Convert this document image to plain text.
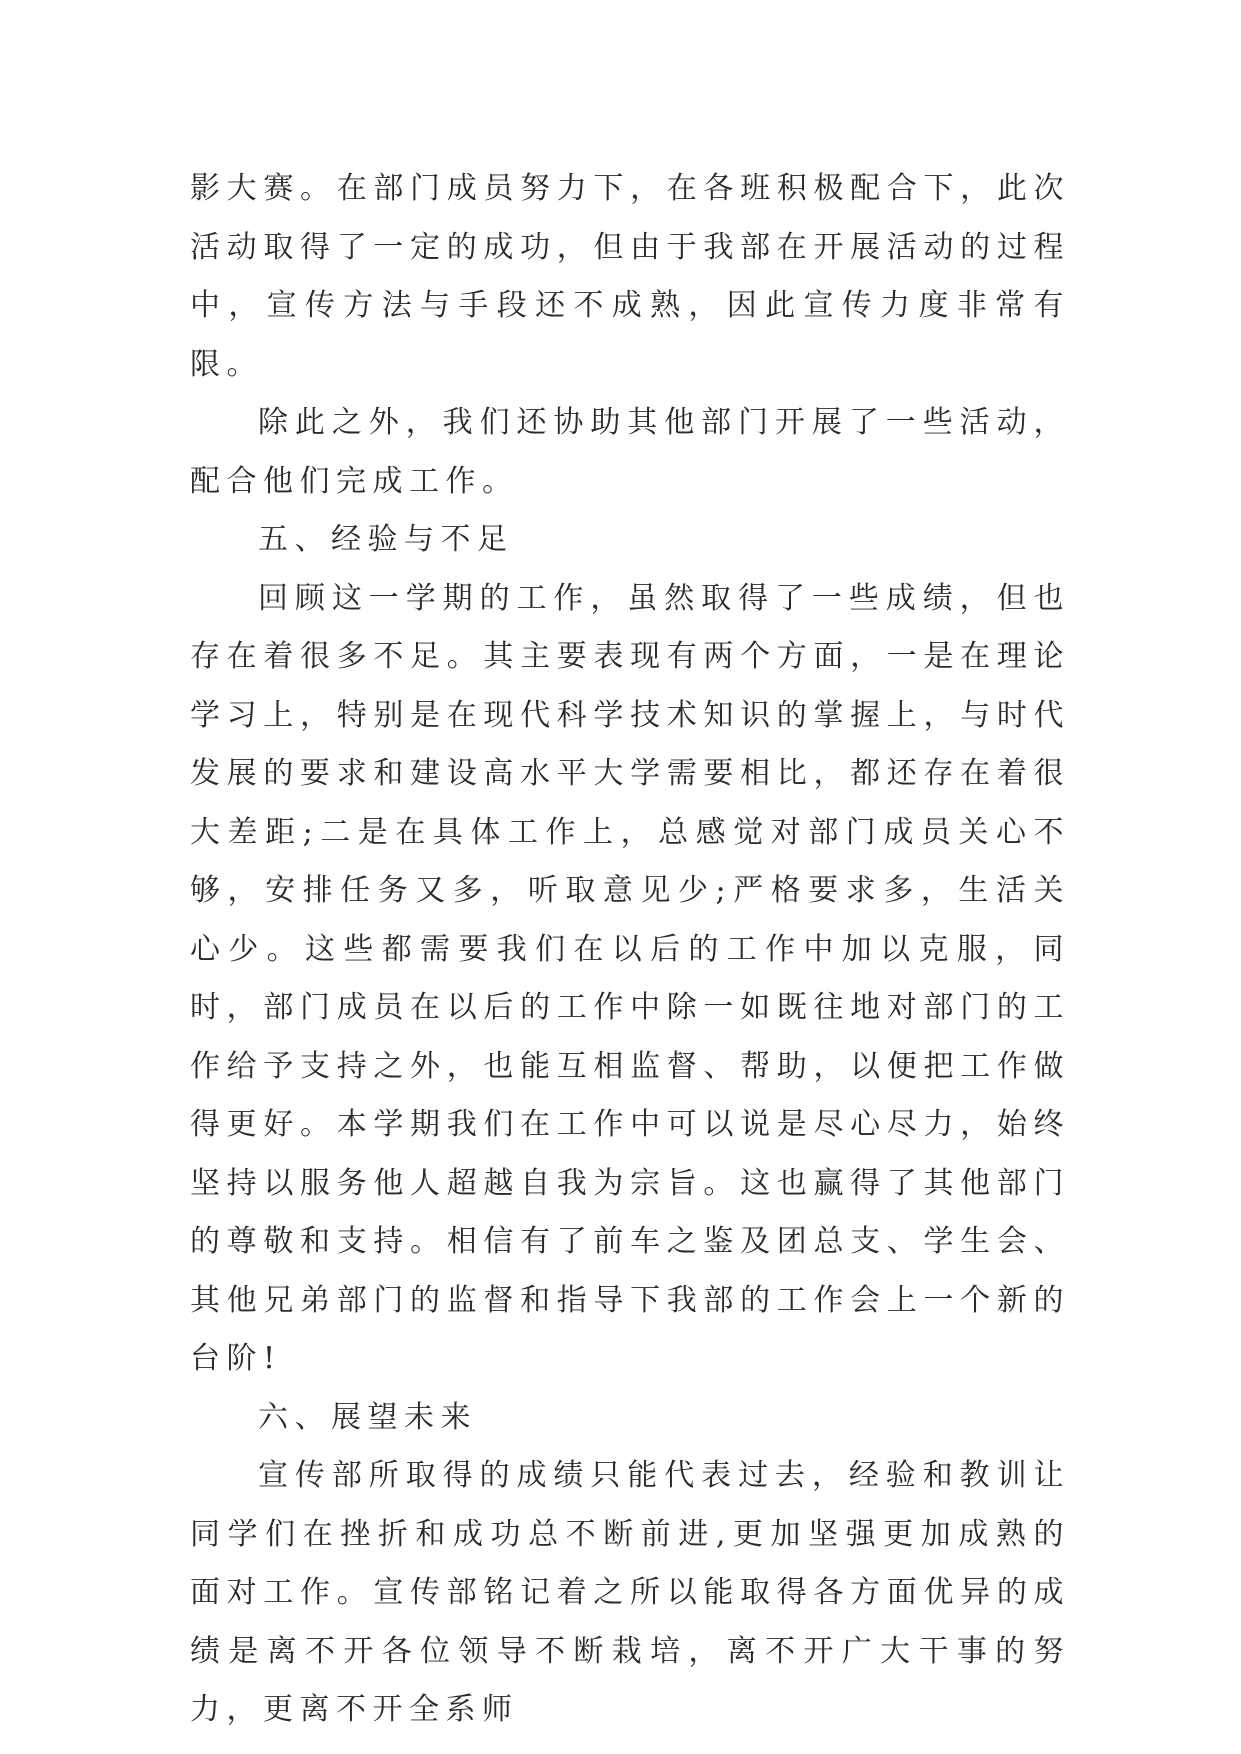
影大赛。在部门成员努力下，在各班积极配合下，此次活动取得了一定的成功，但由于我部在开展活动的过程中，宣传方法与手段还不成熟，因此宣传力度非常有限。

除此之外，我们还协助其他部门开展了一些活动，配合他们完成工作。

五、经验与不足

回顾这一学期的工作，虽然取得了一些成绩，但也存在着很多不足。其主要表现有两个方面，一是在理论学习上，特别是在现代科学技术知识的掌握上，与时代发展的要求和建设高水平大学需要相比，都还存在着很大差距;二是在具体工作上，总感觉对部门成员关心不够，安排任务又多，听取意见少;严格要求多，生活关心少。这些都需要我们在以后的工作中加以克服，同时，部门成员在以后的工作中除一如既往地对部门的工作给予支持之外，也能互相监督、帮助，以便把工作做得更好。本学期我们在工作中可以说是尽心尽力，始终坚持以服务他人超越自我为宗旨。这也赢得了其他部门的尊敬和支持。相信有了前车之鉴及团总支、学生会、其他兄弟部门的监督和指导下我部的工作会上一个新的台阶!

六、展望未来

宣传部所取得的成绩只能代表过去，经验和教训让同学们在挫折和成功总不断前进,更加坚强更加成熟的面对工作。宣传部铭记着之所以能取得各方面优异的成绩是离不开各位领导不断栽培，离不开广大干事的努力，更离不开全系师
